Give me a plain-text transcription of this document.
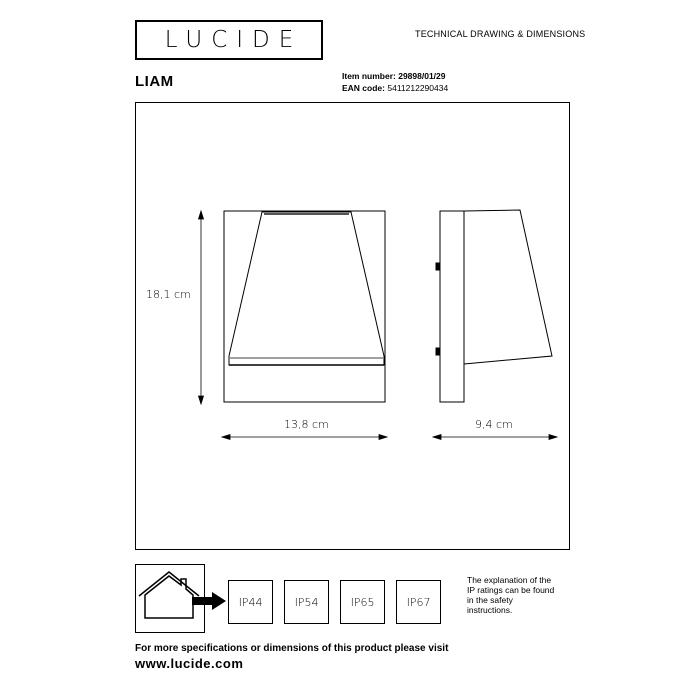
LUCIDE	TECHNICAL DRAWING & DIMENSIONS
LIAM	Item number: 29898/01/29
EAN code: 5411212290434
18,1 cm
13,8 cm	9,4 cm
IP44	IP54	IP65	IP67
The explanation of the
IP ratings can be found
in the safety
instructions.
For more specifications or dimensions of this product please visit
www.lucide.com
